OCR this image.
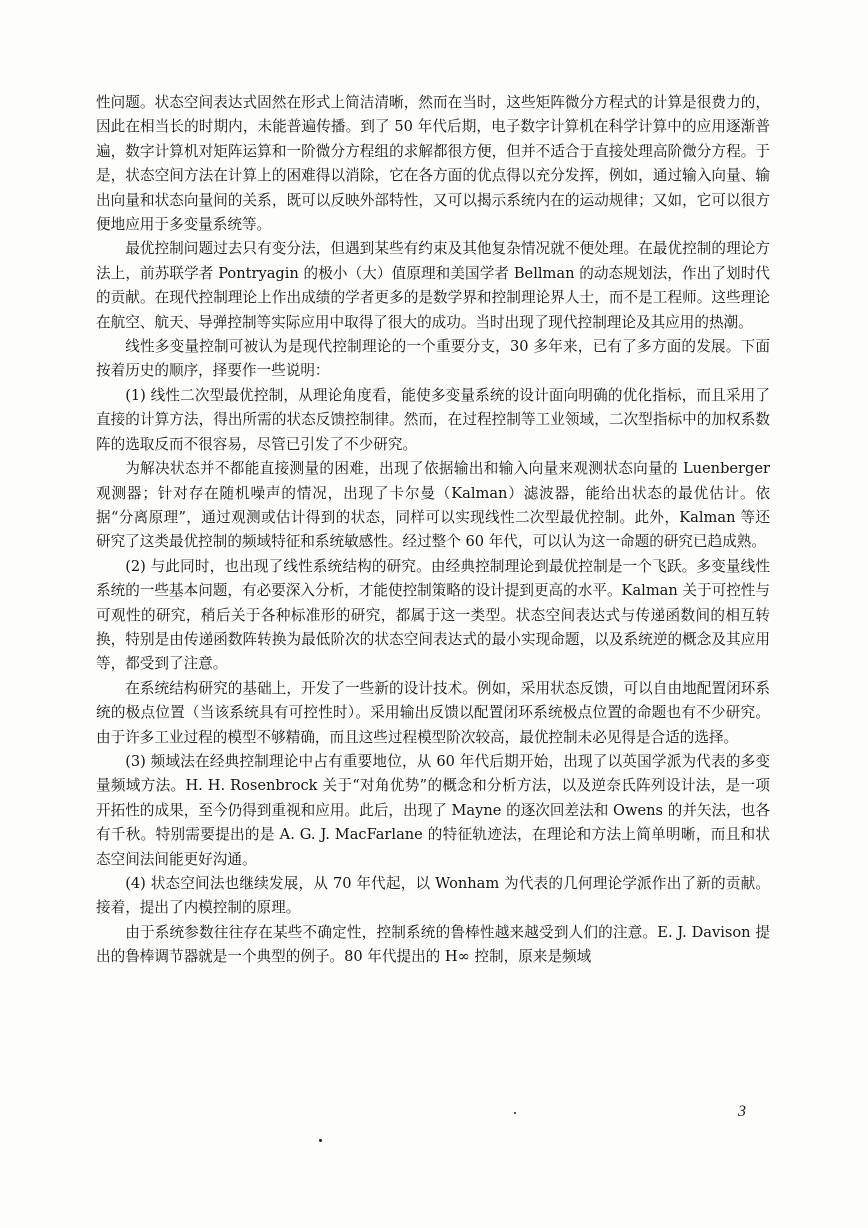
性问题。状态空间表达式固然在形式上简洁清晰，然而在当时，这些矩阵微分方程式的计算是很费力的，因此在相当长的时期内，未能普遍传播。到了 50 年代后期，电子数字计算机在科学计算中的应用逐渐普遍，数字计算机对矩阵运算和一阶微分方程组的求解都很方便，但并不适合于直接处理高阶微分方程。于是，状态空间方法在计算上的困难得以消除，它在各方面的优点得以充分发挥，例如，通过输入向量、输出向量和状态向量间的关系，既可以反映外部特性，又可以揭示系统内在的运动规律；又如，它可以很方便地应用于多变量系统等。

最优控制问题过去只有变分法，但遇到某些有约束及其他复杂情况就不便处理。在最优控制的理论方法上，前苏联学者 Pontryagin 的极小（大）值原理和美国学者 Bellman 的动态规划法，作出了划时代的贡献。在现代控制理论上作出成绩的学者更多的是数学界和控制理论界人士，而不是工程师。这些理论在航空、航天、导弹控制等实际应用中取得了很大的成功。当时出现了现代控制理论及其应用的热潮。

线性多变量控制可被认为是现代控制理论的一个重要分支，30 多年来，已有了多方面的发展。下面按着历史的顺序，择要作一些说明：

(1) 线性二次型最优控制，从理论角度看，能使多变量系统的设计面向明确的优化指标，而且采用了直接的计算方法，得出所需的状态反馈控制律。然而，在过程控制等工业领域，二次型指标中的加权系数阵的选取反而不很容易，尽管已引发了不少研究。

为解决状态并不都能直接测量的困难，出现了依据输出和输入向量来观测状态向量的 Luenberger 观测器；针对存在随机噪声的情况，出现了卡尔曼（Kalman）滤波器，能给出状态的最优估计。依据“分离原理”，通过观测或估计得到的状态，同样可以实现线性二次型最优控制。此外，Kalman 等还研究了这类最优控制的频域特征和系统敏感性。经过整个 60 年代，可以认为这一命题的研究已趋成熟。

(2) 与此同时，也出现了线性系统结构的研究。由经典控制理论到最优控制是一个飞跃。多变量线性系统的一些基本问题，有必要深入分析，才能使控制策略的设计提到更高的水平。Kalman 关于可控性与可观性的研究，稍后关于各种标准形的研究，都属于这一类型。状态空间表达式与传递函数间的相互转换，特别是由传递函数阵转换为最低阶次的状态空间表达式的最小实现命题，以及系统逆的概念及其应用等，都受到了注意。

在系统结构研究的基础上，开发了一些新的设计技术。例如，采用状态反馈，可以自由地配置闭环系统的极点位置（当该系统具有可控性时）。采用输出反馈以配置闭环系统极点位置的命题也有不少研究。由于许多工业过程的模型不够精确，而且这些过程模型阶次较高，最优控制未必见得是合适的选择。

(3) 频域法在经典控制理论中占有重要地位，从 60 年代后期开始，出现了以英国学派为代表的多变量频域方法。H. H. Rosenbrock 关于“对角优势”的概念和分析方法，以及逆奈氏阵列设计法，是一项开拓性的成果，至今仍得到重视和应用。此后，出现了 Mayne 的逐次回差法和 Owens 的并矢法，也各有千秋。特别需要提出的是 A. G. J. MacFarlane 的特征轨迹法，在理论和方法上简单明晰，而且和状态空间法间能更好沟通。

(4) 状态空间法也继续发展，从 70 年代起，以 Wonham 为代表的几何理论学派作出了新的贡献。接着，提出了内模控制的原理。

由于系统参数往往存在某些不确定性，控制系统的鲁棒性越来越受到人们的注意。E. J. Davison 提出的鲁棒调节器就是一个典型的例子。80 年代提出的 H∞ 控制，原来是频域

3
